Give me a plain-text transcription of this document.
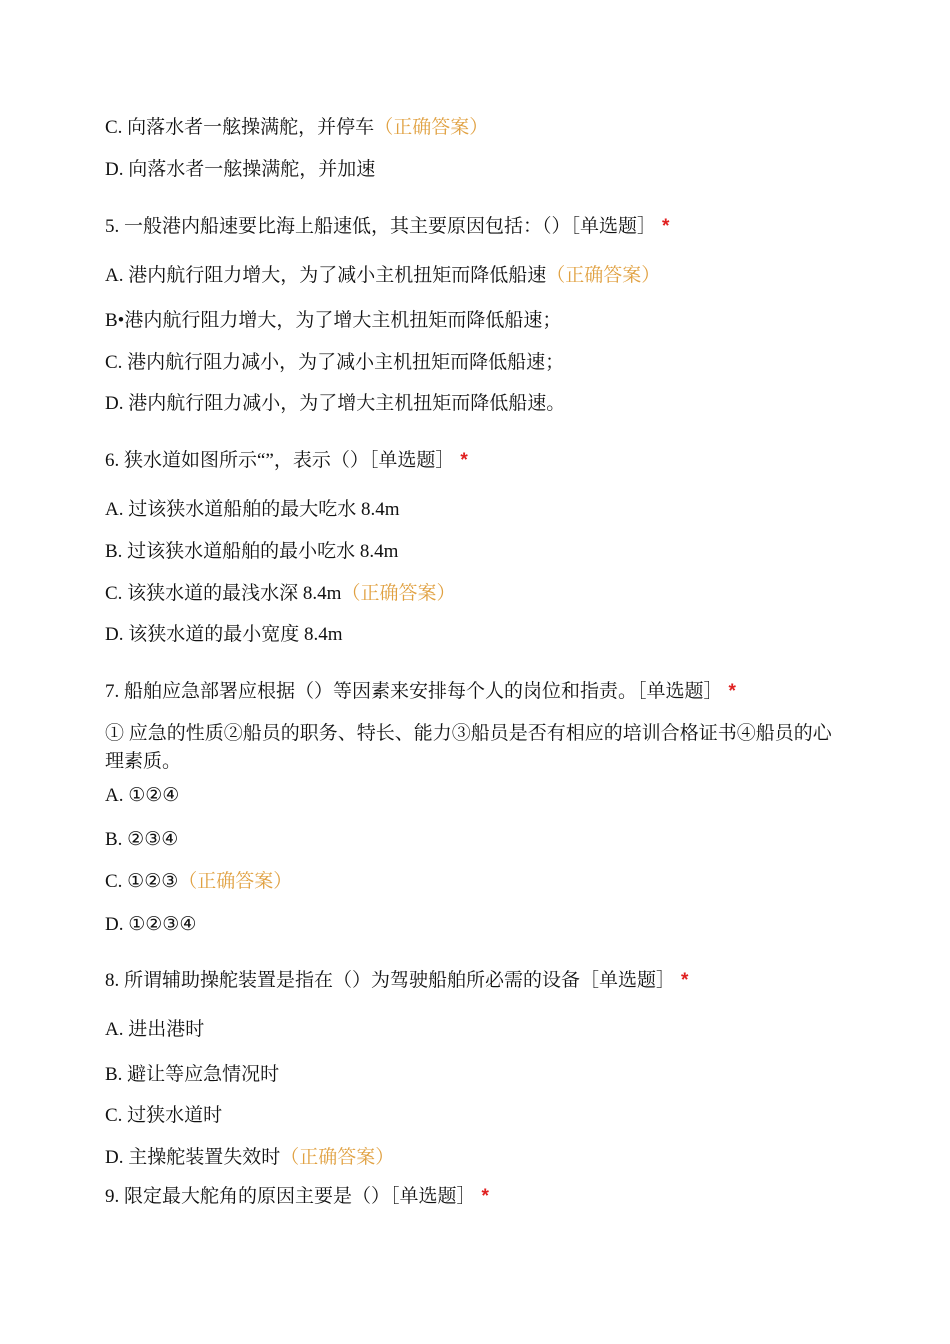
C. 向落水者一舷操满舵，并停车（正确答案）
D. 向落水者一舷操满舵，并加速
5. 一般港内船速要比海上船速低，其主要原因包括：（）［单选题］ *
A. 港内航行阻力增大，为了减小主机扭矩而降低船速（正确答案）
B•港内航行阻力增大，为了增大主机扭矩而降低船速；
C. 港内航行阻力减小，为了减小主机扭矩而降低船速；
D. 港内航行阻力减小，为了增大主机扭矩而降低船速。
6. 狭水道如图所示“”，表示（）［单选题］ *
A. 过该狭水道船舶的最大吃水 8.4m
B. 过该狭水道船舶的最小吃水 8.4m
C. 该狭水道的最浅水深 8.4m（正确答案）
D. 该狭水道的最小宽度 8.4m
7. 船舶应急部署应根据（）等因素来安排每个人的岗位和指责。［单选题］ *
① 应急的性质②船员的职务、特长、能力③船员是否有相应的培训合格证书④船员的心理素质。
A. ①②④
B. ②③④
C. ①②③（正确答案）
D. ①②③④
8. 所谓辅助操舵装置是指在（）为驾驶船舶所必需的设备［单选题］ *
A. 进出港时
B. 避让等应急情况时
C. 过狭水道时
D. 主操舵装置失效时（正确答案）
9. 限定最大舵角的原因主要是（）［单选题］ *
